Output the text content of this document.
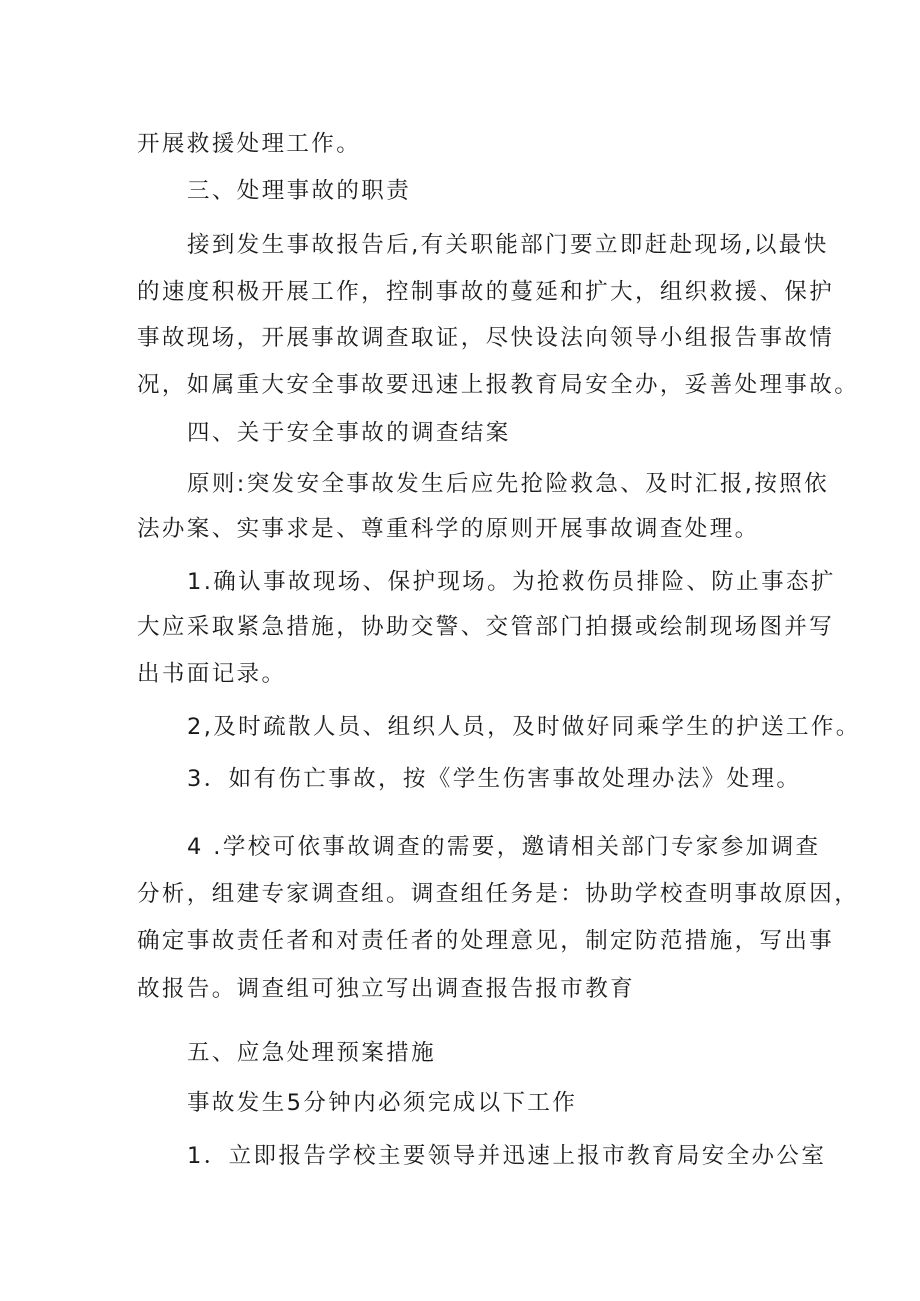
开展救援处理工作。
三、处理事故的职责
接到发生事故报告后,有关职能部门要立即赶赴现场,以最快
的速度积极开展工作，控制事故的蔓延和扩大，组织救援、保护
事故现场，开展事故调查取证，尽快设法向领导小组报告事故情
况，如属重大安全事故要迅速上报教育局安全办，妥善处理事故。
四、关于安全事故的调查结案
原则:突发安全事故发生后应先抢险救急、及时汇报,按照依
法办案、实事求是、尊重科学的原则开展事故调查处理。
1.确认事故现场、保护现场。为抢救伤员排险、防止事态扩
大应采取紧急措施，协助交警、交管部门拍摄或绘制现场图并写
出书面记录。
2,及时疏散人员、组织人员，及时做好同乘学生的护送工作。
3．如有伤亡事故，按《学生伤害事故处理办法》处理。
4 .学校可依事故调查的需要，邀请相关部门专家参加调查
分析，组建专家调查组。调查组任务是：协助学校查明事故原因，
确定事故责任者和对责任者的处理意见，制定防范措施，写出事
故报告。调查组可独立写出调查报告报市教育
五、应急处理预案措施
事故发生5分钟内必须完成以下工作
1．立即报告学校主要领导并迅速上报市教育局安全办公室
